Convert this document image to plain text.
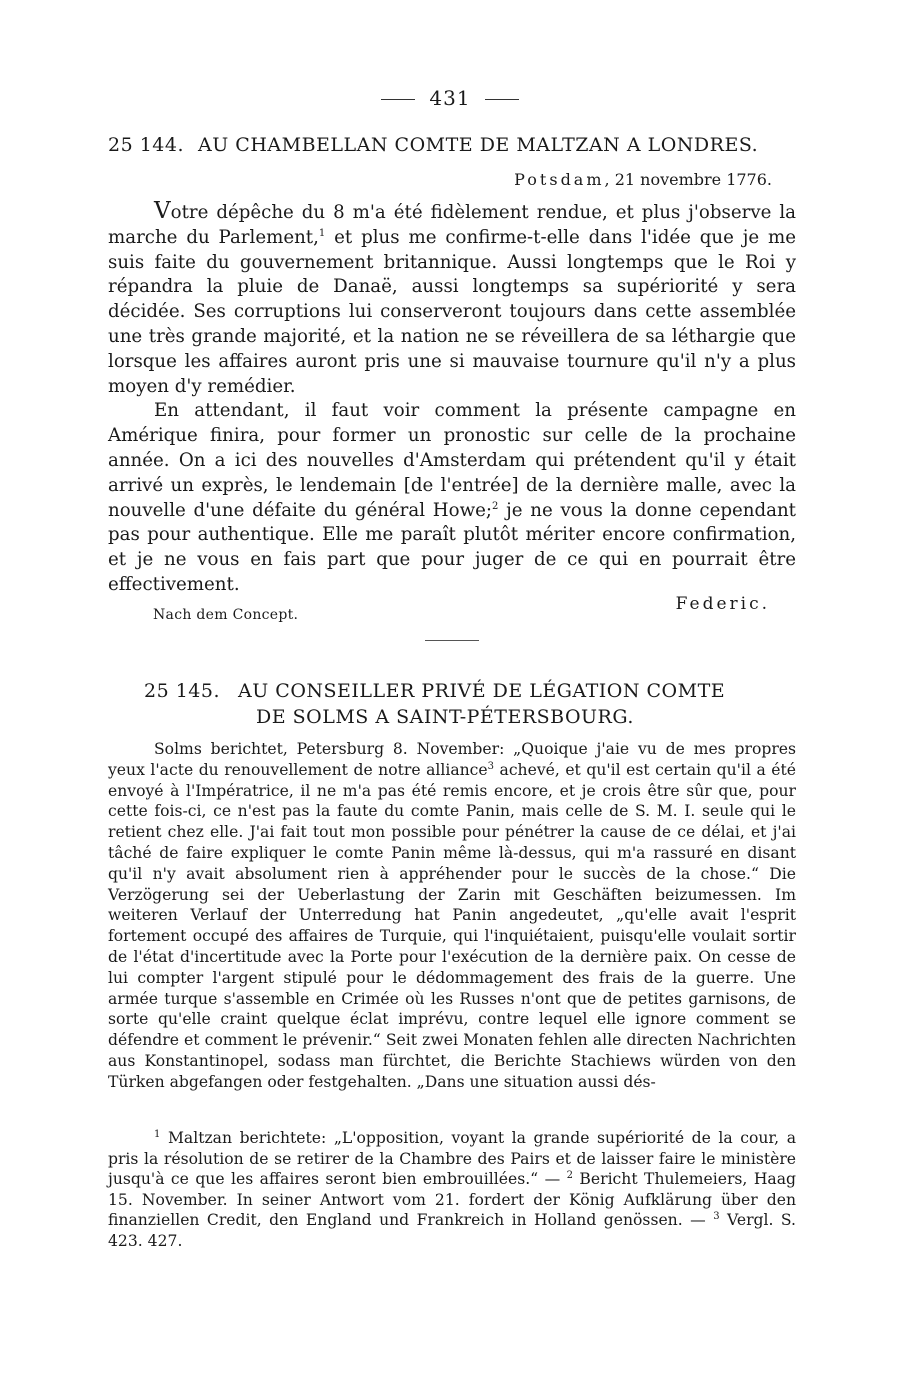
431
25 144. AU CHAMBELLAN COMTE DE MALTZAN A LONDRES.
Potsdam, 21 novembre 1776.

Votre dépêche du 8 m'a été fidèlement rendue, et plus j'observe la marche du Parlement,$^1$ et plus me confirme-t-elle dans l'idée que je me suis faite du gouvernement britannique. Aussi longtemps que le Roi y répandra la pluie de Danaë, aussi longtemps sa supériorité y sera décidée. Ses corruptions lui conserveront toujours dans cette assemblée une très grande majorité, et la nation ne se réveillera de sa léthargie que lorsque les affaires auront pris une si mauvaise tournure qu'il n'y a plus moyen d'y remédier.

En attendant, il faut voir comment la présente campagne en Amérique finira, pour former un pronostic sur celle de la prochaine année. On a ici des nouvelles d'Amsterdam qui prétendent qu'il y était arrivé un exprès, le lendemain [de l'entrée] de la dernière malle, avec la nouvelle d'une défaite du général Howe;$^2$ je ne vous la donne cependant pas pour authentique. Elle me paraît plutôt mériter encore confirmation, et je ne vous en fais part que pour juger de ce qui en pourrait être effectivement.

Federic.
Nach dem Concept.
25 145. AU CONSEILLER PRIVÉ DE LÉGATION COMTE
DE SOLMS A SAINT-PÉTERSBOURG.

Solms berichtet, Petersburg 8. November: „Quoique j'aie vu de mes propres yeux l'acte du renouvellement de notre alliance$^3$ achevé, et qu'il est certain qu'il a été envoyé à l'Impératrice, il ne m'a pas été remis encore, et je crois être sûr que, pour cette fois-ci, ce n'est pas la faute du comte Panin, mais celle de S. M. I. seule qui le retient chez elle. J'ai fait tout mon possible pour pénétrer la cause de ce délai, et j'ai tâché de faire expliquer le comte Panin même là-dessus, qui m'a rassuré en disant qu'il n'y avait absolument rien à appréhender pour le succès de la chose.“ Die Verzögerung sei der Ueberlastung der Zarin mit Geschäften beizumessen. Im weiteren Verlauf der Unterredung hat Panin angedeutet, „qu'elle avait l'esprit fortement occupé des affaires de Turquie, qui l'inquiétaient, puisqu'elle voulait sortir de l'état d'incertitude avec la Porte pour l'exécution de la dernière paix. On cesse de lui compter l'argent stipulé pour le dédommagement des frais de la guerre. Une armée turque s'assemble en Crimée où les Russes n'ont que de petites garnisons, de sorte qu'elle craint quelque éclat imprévu, contre lequel elle ignore comment se défendre et comment le prévenir.“ Seit zwei Monaten fehlen alle directen Nachrichten aus Konstantinopel, sodass man fürchtet, die Berichte Stachiews würden von den Türken abgefangen oder festgehalten. „Dans une situation aussi dés-

$^1$ Maltzan berichtete: „L'opposition, voyant la grande supériorité de la cour, a pris la résolution de se retirer de la Chambre des Pairs et de laisser faire le ministère jusqu'à ce que les affaires seront bien embrouillées.“ — $^2$ Bericht Thulemeiers, Haag 15. November. In seiner Antwort vom 21. fordert der König Aufklärung über den finanziellen Credit, den England und Frankreich in Holland genössen. — $^3$ Vergl. S. 423. 427.
